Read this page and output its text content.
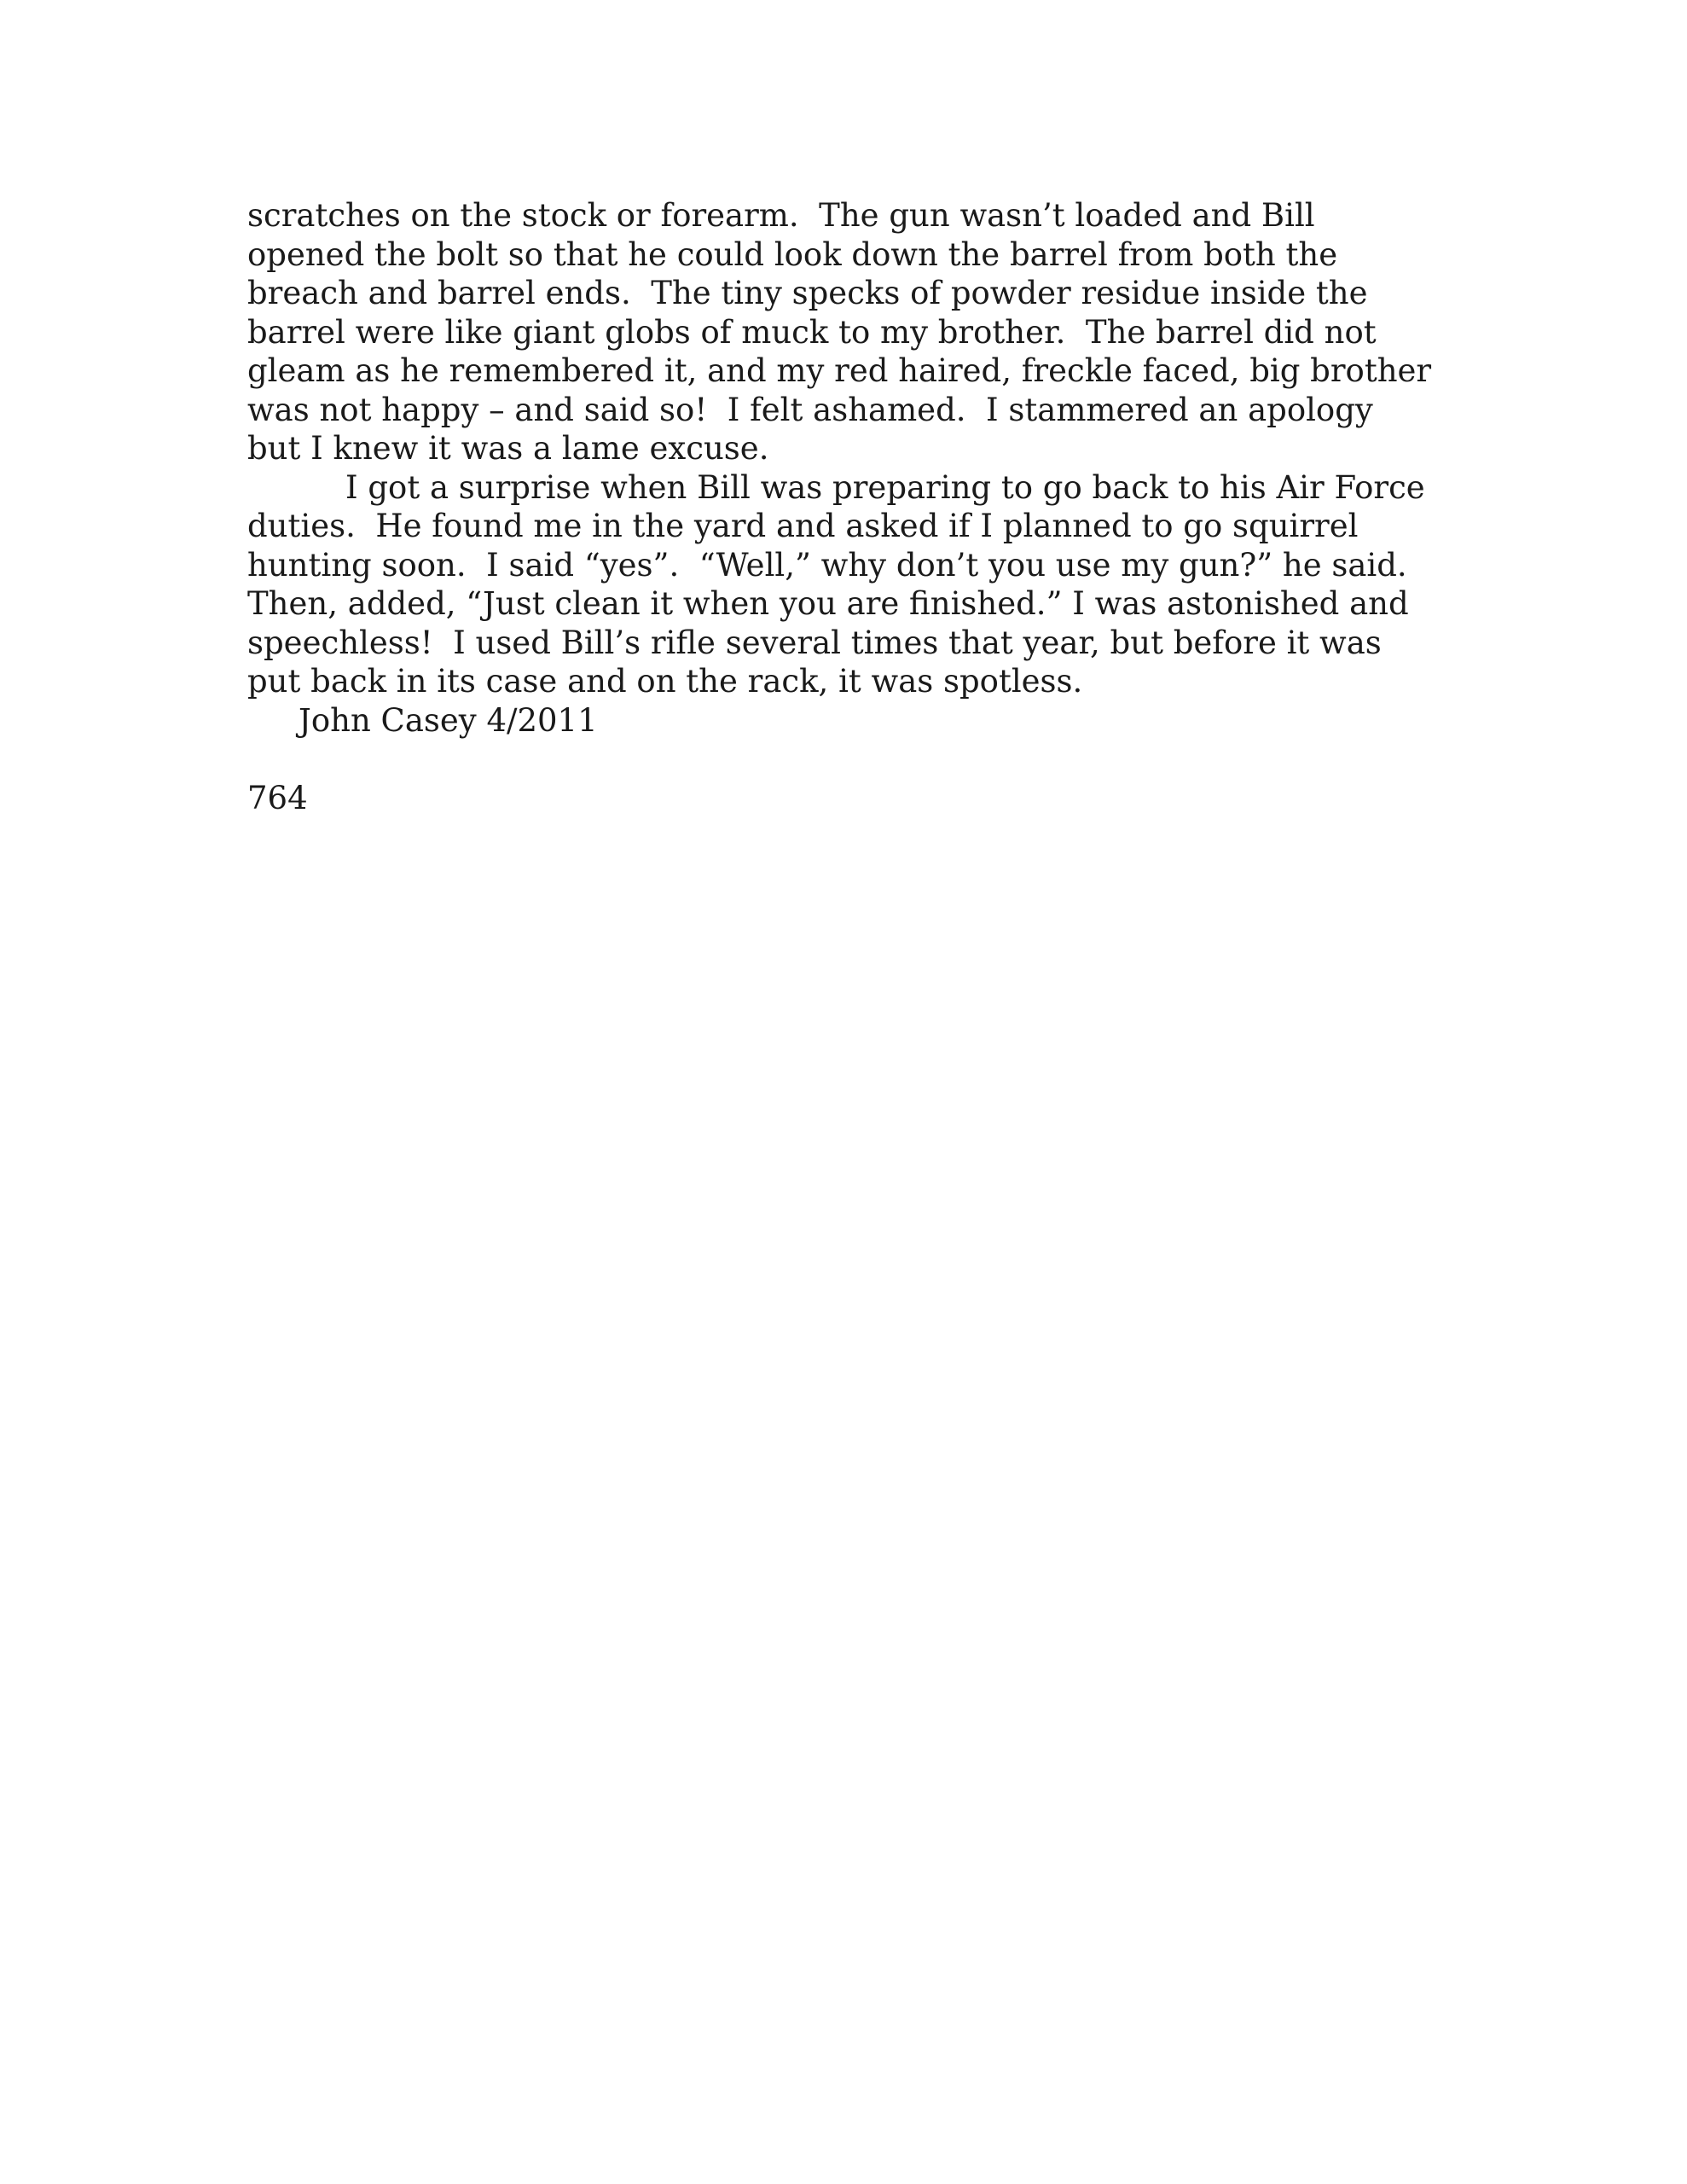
scratches on the stock or forearm.  The gun wasn’t loaded and Bill
opened the bolt so that he could look down the barrel from both the
breach and barrel ends.  The tiny specks of powder residue inside the
barrel were like giant globs of muck to my brother.  The barrel did not
gleam as he remembered it, and my red haired, freckle faced, big brother
was not happy – and said so!  I felt ashamed.  I stammered an apology
but I knew it was a lame excuse.
I got a surprise when Bill was preparing to go back to his Air Force
duties.  He found me in the yard and asked if I planned to go squirrel
hunting soon.  I said “yes”.  “Well,” why don’t you use my gun?” he said.
Then, added, “Just clean it when you are finished.” I was astonished and
speechless!  I used Bill’s rifle several times that year, but before it was
put back in its case and on the rack, it was spotless.
John Casey 4/2011
764
